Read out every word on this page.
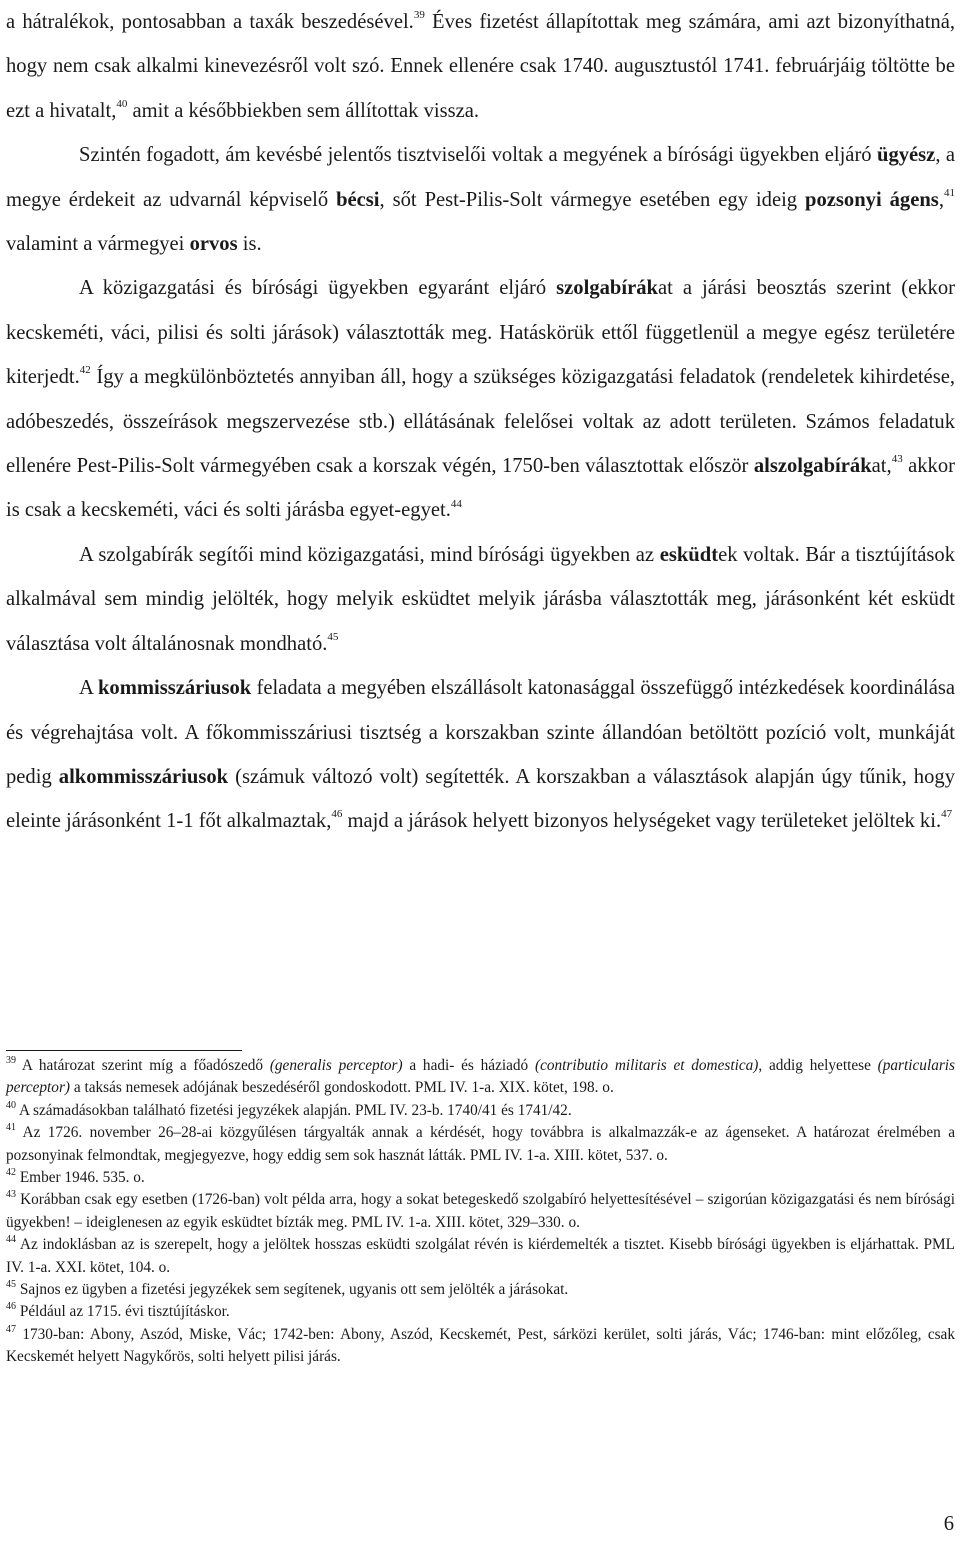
a hátralékok, pontosabban a taxák beszedésével.$^{39}$ Éves fizetést állapítottak meg számára, ami azt bizonyíthatná, hogy nem csak alkalmi kinevezésről volt szó. Ennek ellenére csak 1740. augusztustól 1741. februárjáig töltötte be ezt a hivatalt,$^{40}$ amit a későbbiekben sem állítottak vissza.

Szintén fogadott, ám kevésbé jelentős tisztviselői voltak a megyének a bírósági ügyekben eljáró ügyész, a megye érdekeit az udvarnál képviselő bécsi, sőt Pest-Pilis-Solt vármegye esetében egy ideig pozsonyi ágens,$^{41}$ valamint a vármegyei orvos is.

A közigazgatási és bírósági ügyekben egyaránt eljáró szolgabírákat a járási beosztás szerint (ekkor kecskeméti, váci, pilisi és solti járások) választották meg. Hatáskörük ettől függetlenül a megye egész területére kiterjedt.$^{42}$ Így a megkülönböztetés annyiban áll, hogy a szükséges közigazgatási feladatok (rendeletek kihirdetése, adóbeszedés, összeírások megszervezése stb.) ellátásának felelősei voltak az adott területen. Számos feladatuk ellenére Pest-Pilis-Solt vármegyében csak a korszak végén, 1750-ben választottak először alszolgabírákat,$^{43}$ akkor is csak a kecskeméti, váci és solti járásba egyet-egyet.$^{44}$

A szolgabírák segítői mind közigazgatási, mind bírósági ügyekben az esküdtek voltak. Bár a tisztújítások alkalmával sem mindig jelölték, hogy melyik esküdtet melyik járásba választották meg, járásonként két esküdt választása volt általánosnak mondható.$^{45}$

A kommisszáriusok feladata a megyében elszállásolt katonasággal összefüggő intézkedések koordinálása és végrehajtása volt. A főkommisszáriusi tisztség a korszakban szinte állandóan betöltött pozíció volt, munkáját pedig alkommisszáriusok (számuk változó volt) segítették. A korszakban a választások alapján úgy tűnik, hogy eleinte járásonként 1-1 főt alkalmaztak,$^{46}$ majd a járások helyett bizonyos helységeket vagy területeket jelöltek ki.$^{47}$

$^{39}$ A határozat szerint míg a főadószedő (generalis perceptor) a hadi- és háziadó (contributio militaris et domestica), addig helyettese (particularis perceptor) a taksás nemesek adójának beszedéséről gondoskodott. PML IV. 1-a. XIX. kötet, 198. o.

$^{40}$ A számadásokban található fizetési jegyzékek alapján. PML IV. 23-b. 1740/41 és 1741/42.

$^{41}$ Az 1726. november 26–28-ai közgyűlésen tárgyalták annak a kérdését, hogy továbbra is alkalmazzák-e az ágenseket. A határozat érelmében a pozsonyinak felmondtak, megjegyezve, hogy eddig sem sok hasznát látták. PML IV. 1-a. XIII. kötet, 537. o.

$^{42}$ Ember 1946. 535. o.

$^{43}$ Korábban csak egy esetben (1726-ban) volt példa arra, hogy a sokat betegeskedő szolgabíró helyettesítésével – szigorúan közigazgatási és nem bírósági ügyekben! – ideiglenesen az egyik esküdtet bízták meg. PML IV. 1-a. XIII. kötet, 329–330. o.

$^{44}$ Az indoklásban az is szerepelt, hogy a jelöltek hosszas esküdti szolgálat révén is kiérdemelték a tisztet. Kisebb bírósági ügyekben is eljárhattak. PML IV. 1-a. XXI. kötet, 104. o.

$^{45}$ Sajnos ez ügyben a fizetési jegyzékek sem segítenek, ugyanis ott sem jelölték a járásokat.

$^{46}$ Például az 1715. évi tisztújításkor.

$^{47}$ 1730-ban: Abony, Aszód, Miske, Vác; 1742-ben: Abony, Aszód, Kecskemét, Pest, sárközi kerület, solti járás, Vác; 1746-ban: mint előzőleg, csak Kecskemét helyett Nagykőrös, solti helyett pilisi járás.

6
